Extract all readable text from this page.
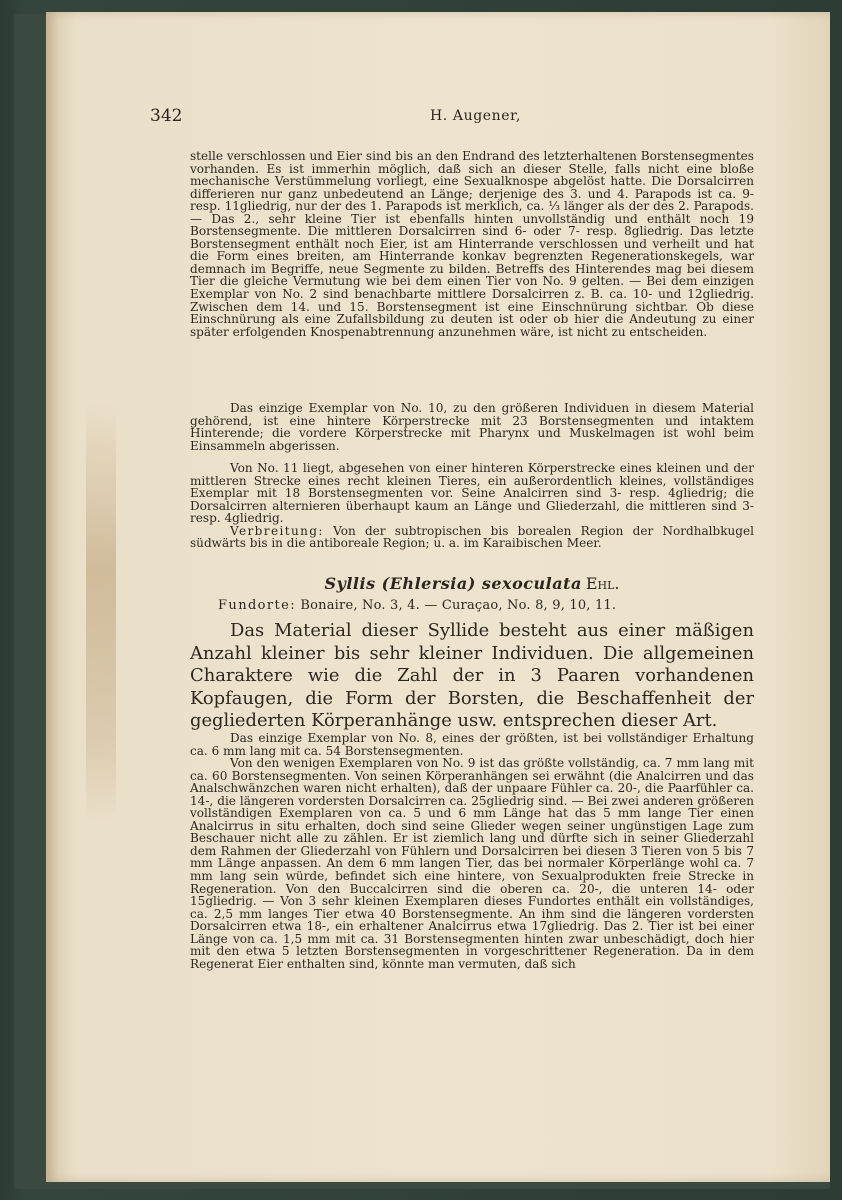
342	H. Augener,

stelle verschlossen und Eier sind bis an den Endrand des letzterhaltenen Borstensegmentes vorhanden. Es ist immerhin möglich, daß sich an dieser Stelle, falls nicht eine bloße mechanische Verstümmelung vorliegt, eine Sexualknospe abgelöst hatte. Die Dorsalcirren differieren nur ganz unbedeutend an Länge; derjenige des 3. und 4. Parapods ist ca. 9- resp. 11gliedrig, nur der des 1. Parapods ist merklich, ca. ⅓ länger als der des 2. Parapods. — Das 2., sehr kleine Tier ist ebenfalls hinten unvollständig und enthält noch 19 Borstensegmente. Die mittleren Dorsalcirren sind 6- oder 7- resp. 8gliedrig. Das letzte Borstensegment enthält noch Eier, ist am Hinterrande verschlossen und verheilt und hat die Form eines breiten, am Hinterrande konkav begrenzten Regenerationskegels, war demnach im Begriffe, neue Segmente zu bilden. Betreffs des Hinterendes mag bei diesem Tier die gleiche Vermutung wie bei dem einen Tier von No. 9 gelten. — Bei dem einzigen Exemplar von No. 2 sind benachbarte mittlere Dorsalcirren z. B. ca. 10- und 12gliedrig. Zwischen dem 14. und 15. Borstensegment ist eine Einschnürung sichtbar. Ob diese Einschnürung als eine Zufallsbildung zu deuten ist oder ob hier die Andeutung zu einer später erfolgenden Knospenabtrennung anzunehmen wäre, ist nicht zu entscheiden.

Das einzige Exemplar von No. 10, zu den größeren Individuen in diesem Material gehörend, ist eine hintere Körperstrecke mit 23 Borstensegmenten und intaktem Hinterende; die vordere Körperstrecke mit Pharynx und Muskelmagen ist wohl beim Einsammeln abgerissen.

Von No. 11 liegt, abgesehen von einer hinteren Körperstrecke eines kleinen und der mittleren Strecke eines recht kleinen Tieres, ein außerordentlich kleines, vollständiges Exemplar mit 18 Borstensegmenten vor. Seine Analcirren sind 3- resp. 4gliedrig; die Dorsalcirren alternieren überhaupt kaum an Länge und Gliederzahl, die mittleren sind 3- resp. 4gliedrig.

Verbreitung: Von der subtropischen bis borealen Region der Nordhalbkugel südwärts bis in die antiboreale Region; u. a. im Karaibischen Meer.

Syllis (Ehlersia) sexoculata Ehl.
Fundorte: Bonaire, No. 3, 4. — Curaçao, No. 8, 9, 10, 11.

Das Material dieser Syllide besteht aus einer mäßigen Anzahl kleiner bis sehr kleiner Individuen. Die allgemeinen Charaktere wie die Zahl der in 3 Paaren vorhandenen Kopfaugen, die Form der Borsten, die Beschaffenheit der gegliederten Körperanhänge usw. entsprechen dieser Art.

Das einzige Exemplar von No. 8, eines der größten, ist bei vollständiger Erhaltung ca. 6 mm lang mit ca. 54 Borstensegmenten.

Von den wenigen Exemplaren von No. 9 ist das größte vollständig, ca. 7 mm lang mit ca. 60 Borstensegmenten. Von seinen Körperanhängen sei erwähnt (die Analcirren und das Analschwänzchen waren nicht erhalten), daß der unpaare Fühler ca. 20-, die Paarfühler ca. 14-, die längeren vordersten Dorsalcirren ca. 25gliedrig sind. — Bei zwei anderen größeren vollständigen Exemplaren von ca. 5 und 6 mm Länge hat das 5 mm lange Tier einen Analcirrus in situ erhalten, doch sind seine Glieder wegen seiner ungünstigen Lage zum Beschauer nicht alle zu zählen. Er ist ziemlich lang und dürfte sich in seiner Gliederzahl dem Rahmen der Gliederzahl von Fühlern und Dorsalcirren bei diesen 3 Tieren von 5 bis 7 mm Länge anpassen. An dem 6 mm langen Tier, das bei normaler Körperlänge wohl ca. 7 mm lang sein würde, befindet sich eine hintere, von Sexualprodukten freie Strecke in Regeneration. Von den Buccalcirren sind die oberen ca. 20-, die unteren 14- oder 15gliedrig. — Von 3 sehr kleinen Exemplaren dieses Fundortes enthält ein vollständiges, ca. 2,5 mm langes Tier etwa 40 Borstensegmente. An ihm sind die längeren vordersten Dorsalcirren etwa 18-, ein erhaltener Analcirrus etwa 17gliedrig. Das 2. Tier ist bei einer Länge von ca. 1,5 mm mit ca. 31 Borstensegmenten hinten zwar unbeschädigt, doch hier mit den etwa 5 letzten Borstensegmenten in vorgeschrittener Regeneration. Da in dem Regenerat Eier enthalten sind, könnte man vermuten, daß sich
